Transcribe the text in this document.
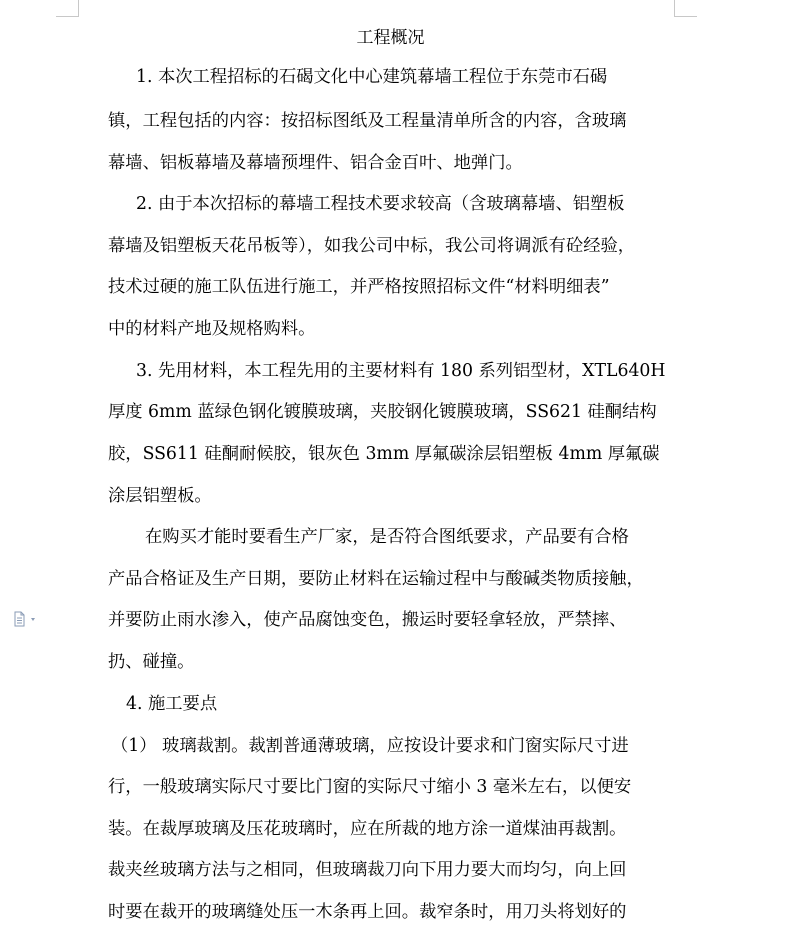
工程概况
1. 本次工程招标的石碣文化中心建筑幕墙工程位于东莞市石碣
镇，工程包括的内容：按招标图纸及工程量清单所含的内容，含玻璃
幕墙、铝板幕墙及幕墙预埋件、铝合金百叶、地弹门。
2. 由于本次招标的幕墙工程技术要求较高（含玻璃幕墙、铝塑板
幕墙及铝塑板天花吊板等），如我公司中标，我公司将调派有砼经验，
技术过硬的施工队伍进行施工，并严格按照招标文件“材料明细表”
中的材料产地及规格购料。
3. 先用材料，本工程先用的主要材料有 180 系列铝型材，XTL640H
厚度 6mm 蓝绿色钢化镀膜玻璃，夹胶钢化镀膜玻璃，SS621 硅酮结构
胶，SS611 硅酮耐候胶，银灰色 3mm 厚氟碳涂层铝塑板 4mm 厚氟碳
涂层铝塑板。
在购买才能时要看生产厂家，是否符合图纸要求，产品要有合格
产品合格证及生产日期，要防止材料在运输过程中与酸碱类物质接触，
并要防止雨水渗入，使产品腐蚀变色，搬运时要轻拿轻放，严禁摔、
扔、碰撞。
4. 施工要点
（1） 玻璃裁割。裁割普通薄玻璃，应按设计要求和门窗实际尺寸进
行，一般玻璃实际尺寸要比门窗的实际尺寸缩小 3 毫米左右，以便安
装。在裁厚玻璃及压花玻璃时，应在所裁的地方涂一道煤油再裁割。
裁夹丝玻璃方法与之相同，但玻璃裁刀向下用力要大而均匀，向上回
时要在裁开的玻璃缝处压一木条再上回。裁窄条时，用刀头将划好的
